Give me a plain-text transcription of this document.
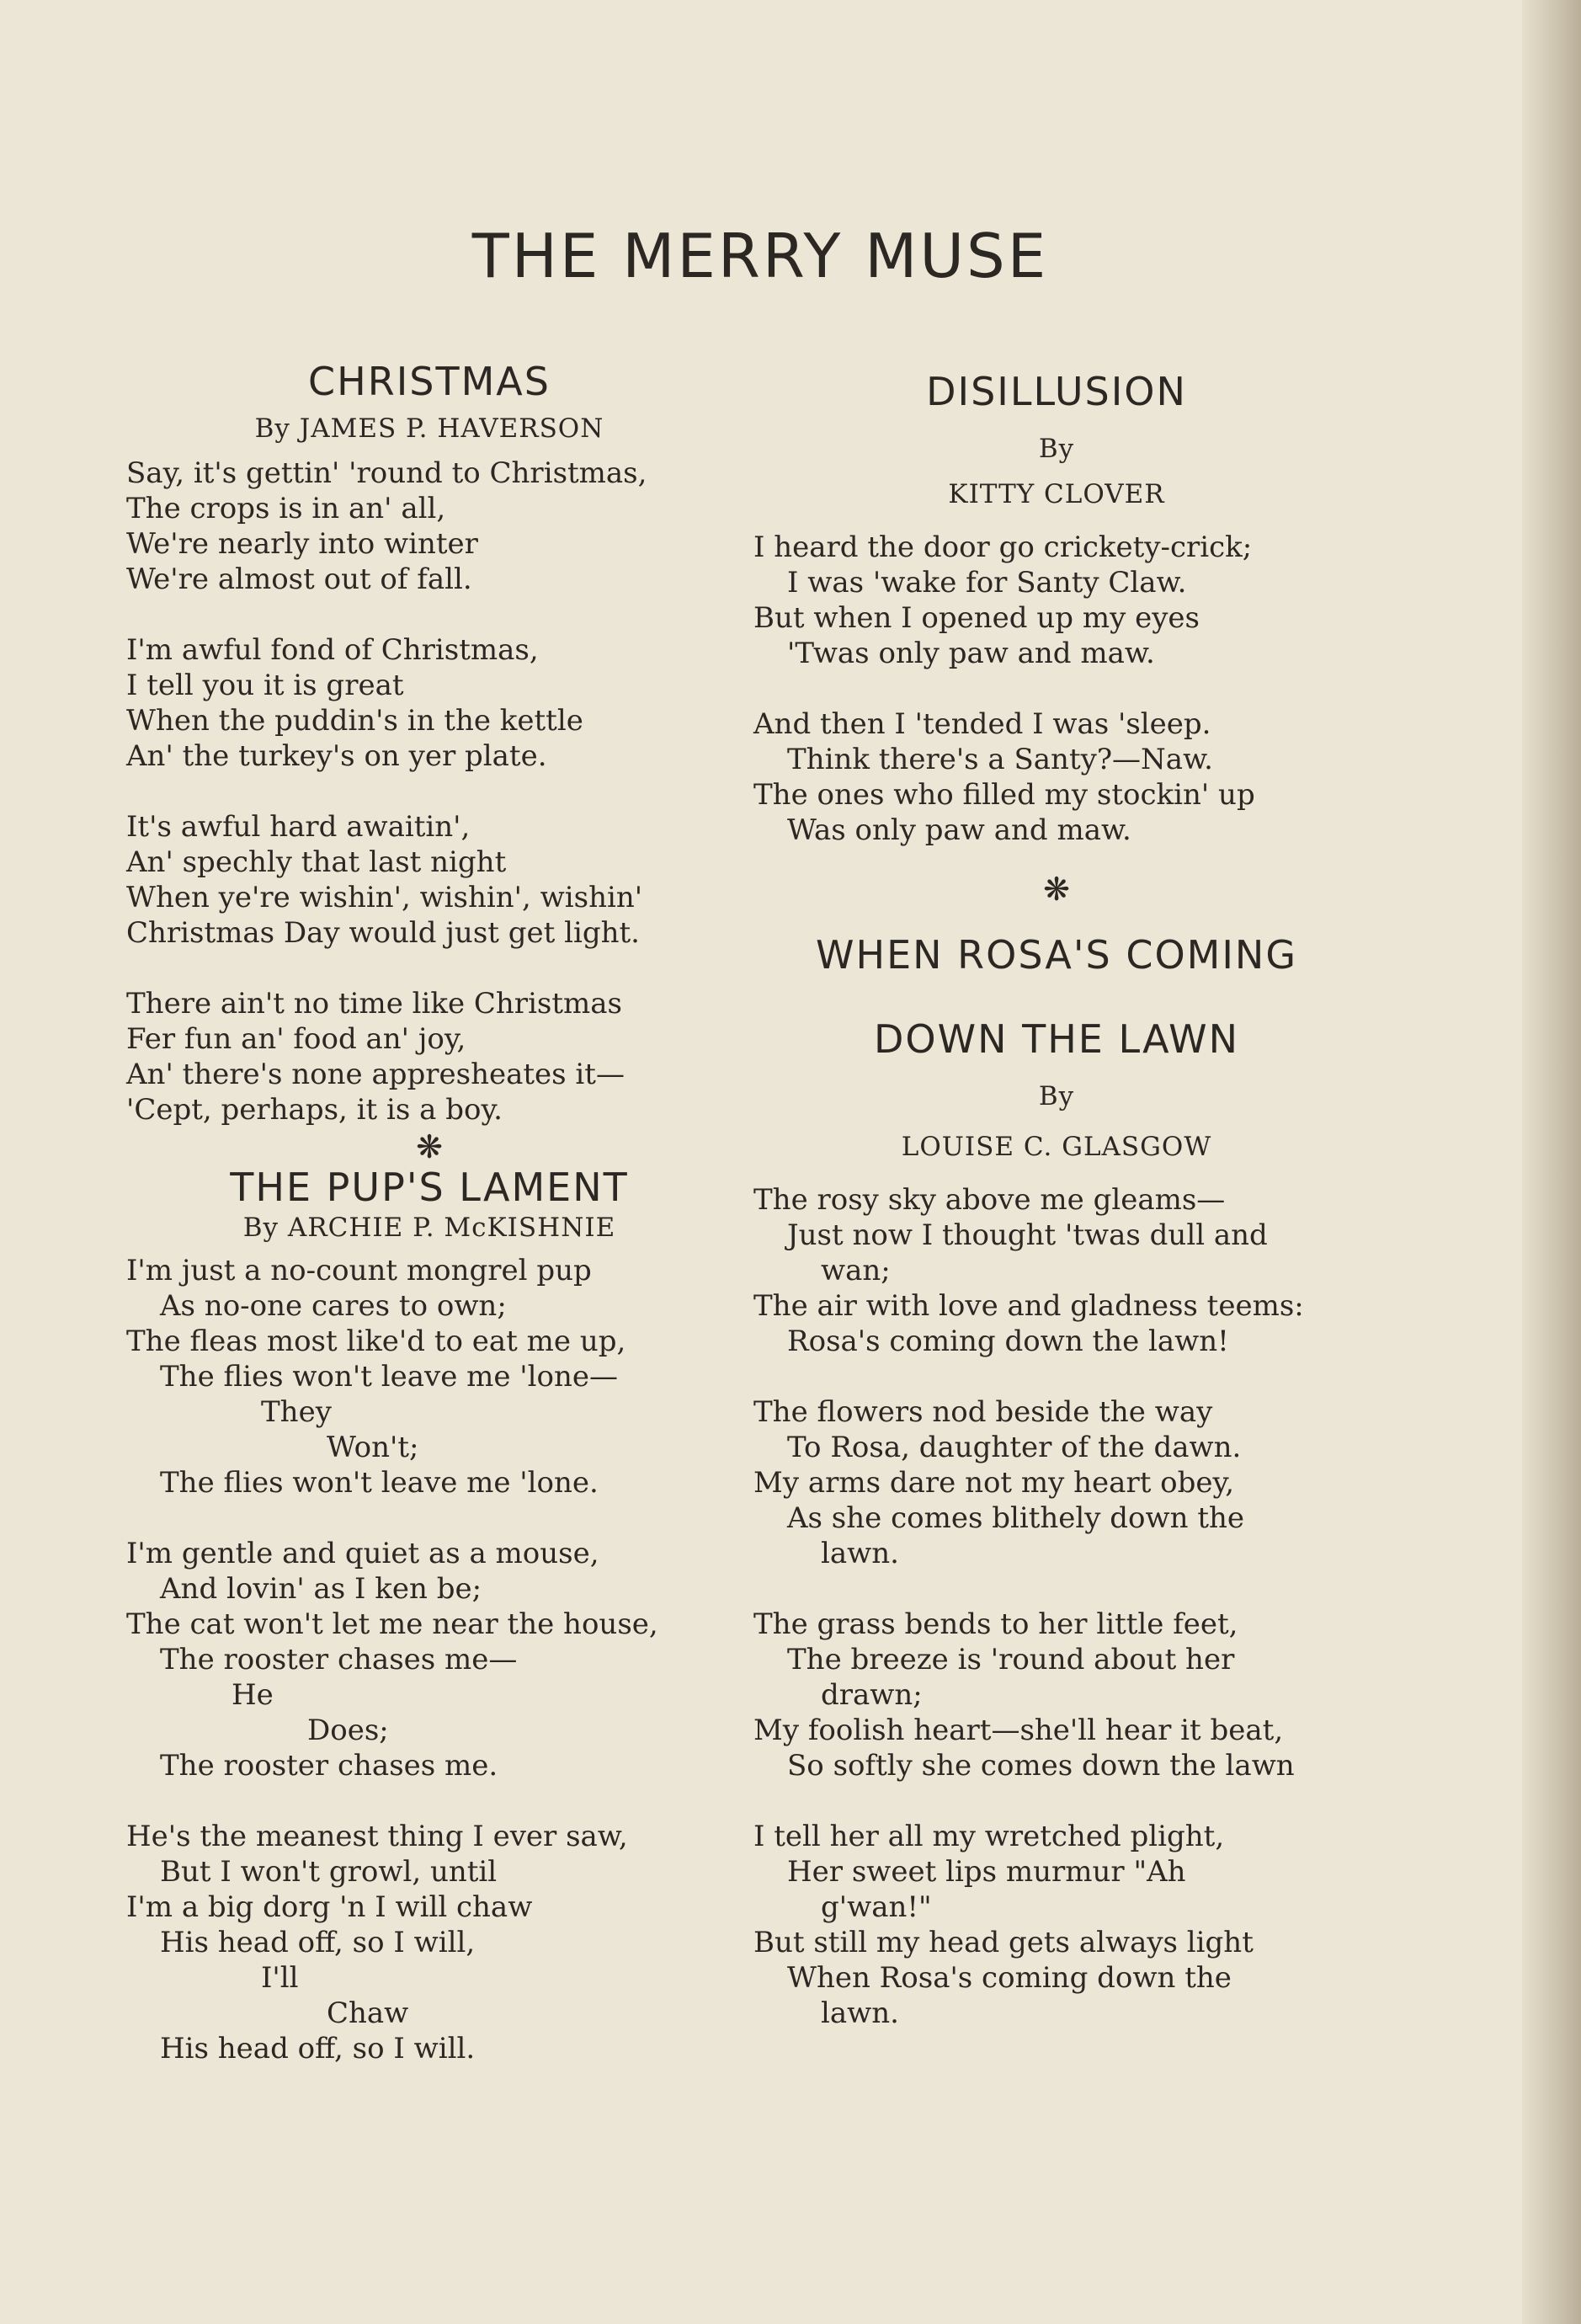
THE MERRY MUSE
CHRISTMAS

By JAMES P. HAVERSON

Say, it's gettin' 'round to Christmas,
The crops is in an' all,
We're nearly into winter
We're almost out of fall.
I'm awful fond of Christmas,
I tell you it is great
When the puddin's in the kettle
An' the turkey's on yer plate.
It's awful hard awaitin',
An' spechly that last night
When ye're wishin', wishin', wishin'
Christmas Day would just get light.
There ain't no time like Christmas
Fer fun an' food an' joy,
An' there's none appresheates it—
'Cept, perhaps, it is a boy.

❋

THE PUP'S LAMENT

By ARCHIE P. McKISHNIE

I'm just a no-count mongrel pup
As no-one cares to own;
The fleas most like'd to eat me up,
The flies won't leave me 'lone—
They
Won't;
The flies won't leave me 'lone.
I'm gentle and quiet as a mouse,
And lovin' as I ken be;
The cat won't let me near the house,
The rooster chases me—
He
Does;
The rooster chases me.
He's the meanest thing I ever saw,
But I won't growl, until
I'm a big dorg 'n I will chaw
His head off, so I will,
I'll
Chaw
His head off, so I will.
DISILLUSION

By

KITTY CLOVER

I heard the door go crickety-crick;
I was 'wake for Santy Claw.
But when I opened up my eyes
'Twas only paw and maw.
And then I 'tended I was 'sleep.
Think there's a Santy?—Naw.
The ones who filled my stockin' up
Was only paw and maw.

❋

WHEN ROSA'S COMING
DOWN THE LAWN

By

LOUISE C. GLASGOW

The rosy sky above me gleams—
Just now I thought 'twas dull and
wan;
The air with love and gladness teems:
Rosa's coming down the lawn!
The flowers nod beside the way
To Rosa, daughter of the dawn.
My arms dare not my heart obey,
As she comes blithely down the
lawn.
The grass bends to her little feet,
The breeze is 'round about her
drawn;
My foolish heart—she'll hear it beat,
So softly she comes down the lawn
I tell her all my wretched plight,
Her sweet lips murmur "Ah
g'wan!"
But still my head gets always light
When Rosa's coming down the
lawn.
